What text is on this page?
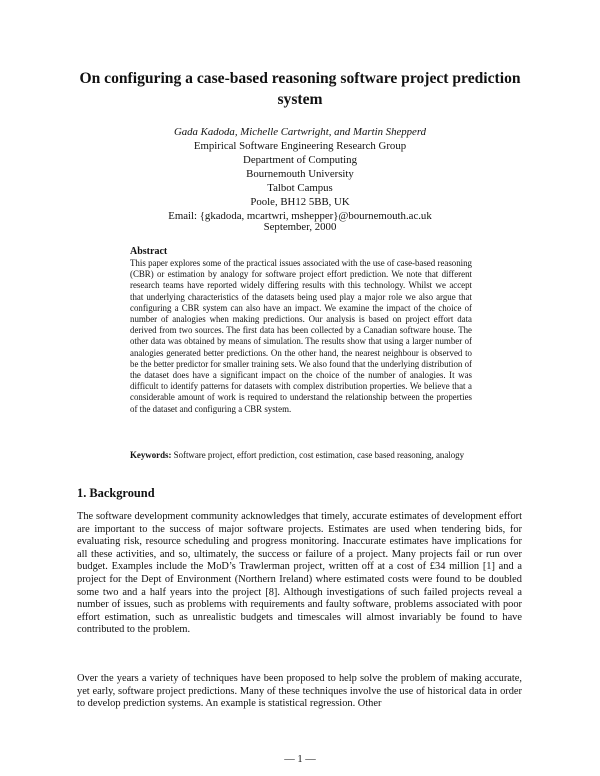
On configuring a case-based reasoning software project prediction system
Gada Kadoda, Michelle Cartwright, and Martin Shepperd
Empirical Software Engineering Research Group
Department of Computing
Bournemouth University
Talbot Campus
Poole, BH12 5BB, UK
Email: {gkadoda, mcartwri, mshepper}@bournemouth.ac.uk
September, 2000
Abstract

This paper explores some of the practical issues associated with the use of case-based reasoning (CBR) or estimation by analogy for software project effort prediction. We note that different research teams have reported widely differing results with this technology. Whilst we accept that underlying characteristics of the datasets being used play a major role we also argue that configuring a CBR system can also have an impact. We examine the impact of the choice of number of analogies when making predictions. Our analysis is based on project effort data derived from two sources. The first data has been collected by a Canadian software house. The other data was obtained by means of simulation. The results show that using a larger number of analogies generated better predictions. On the other hand, the nearest neighbour is observed to be the better predictor for smaller training sets. We also found that the underlying distribution of the dataset does have a significant impact on the choice of the number of analogies. It was difficult to identify patterns for datasets with complex distribution properties. We believe that a considerable amount of work is required to understand the relationship between the properties of the dataset and configuring a CBR system.

Keywords: Software project, effort prediction, cost estimation, case based reasoning, analogy
1. Background

The software development community acknowledges that timely, accurate estimates of development effort are important to the success of major software projects. Estimates are used when tendering bids, for evaluating risk, resource scheduling and progress monitoring. Inaccurate estimates have implications for all these activities, and so, ultimately, the success or failure of a project. Many projects fail or run over budget. Examples include the MoD’s Trawlerman project, written off at a cost of £34 million [1] and a project for the Dept of Environment (Northern Ireland) where estimated costs were found to be doubled some two and a half years into the project [8]. Although investigations of such failed projects reveal a number of issues, such as problems with requirements and faulty software, problems associated with poor effort estimation, such as unrealistic budgets and timescales will almost invariably be found to have contributed to the problem.

Over the years a variety of techniques have been proposed to help solve the problem of making accurate, yet early, software project predictions. Many of these techniques involve the use of historical data in order to develop prediction systems. An example is statistical regression. Other

— 1 —
